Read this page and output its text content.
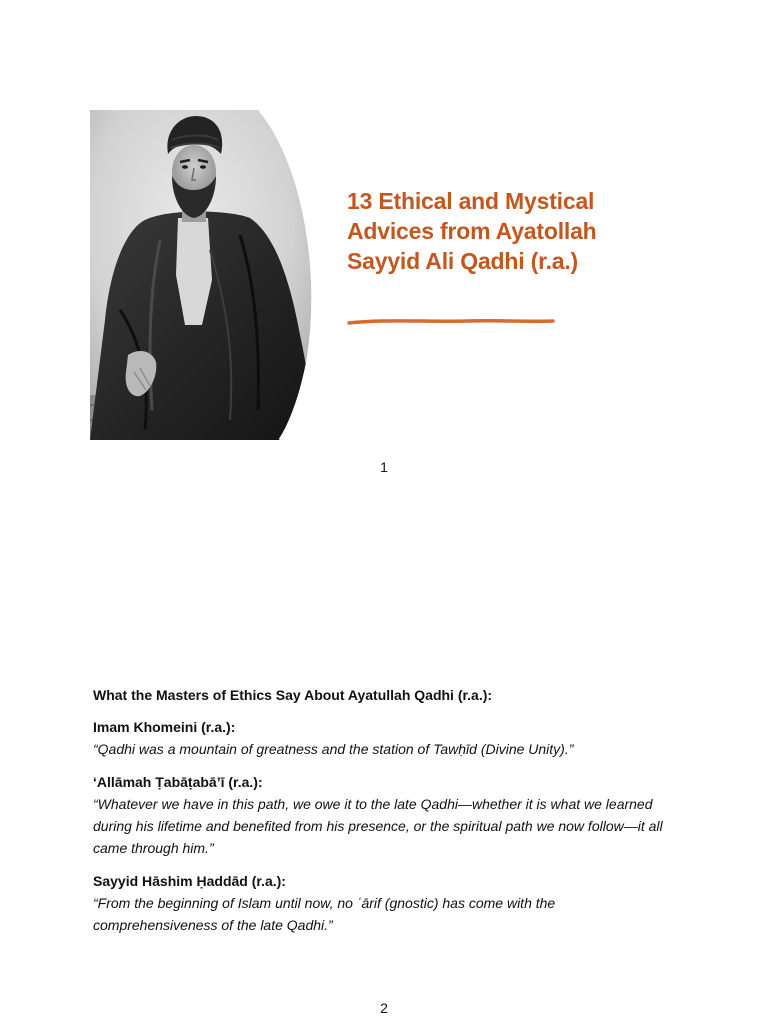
13 Ethical and Mystical Advices from Ayatollah Sayyid Ali Qadhi (r.a.)
1

What the Masters of Ethics Say About Ayatullah Qadhi (r.a.):

Imam Khomeini (r.a.):

“Qadhi was a mountain of greatness and the station of Tawḥīd (Divine Unity).”

‘Allāmah Ṭabāṭabā’ī (r.a.):

“Whatever we have in this path, we owe it to the late Qadhi—whether it is what we learned during his lifetime and benefited from his presence, or the spiritual path we now follow—it all came through him.”

Sayyid Hāshim Ḥaddād (r.a.):

“From the beginning of Islam until now, no ʿārif (gnostic) has come with the comprehensiveness of the late Qadhi.”

2
